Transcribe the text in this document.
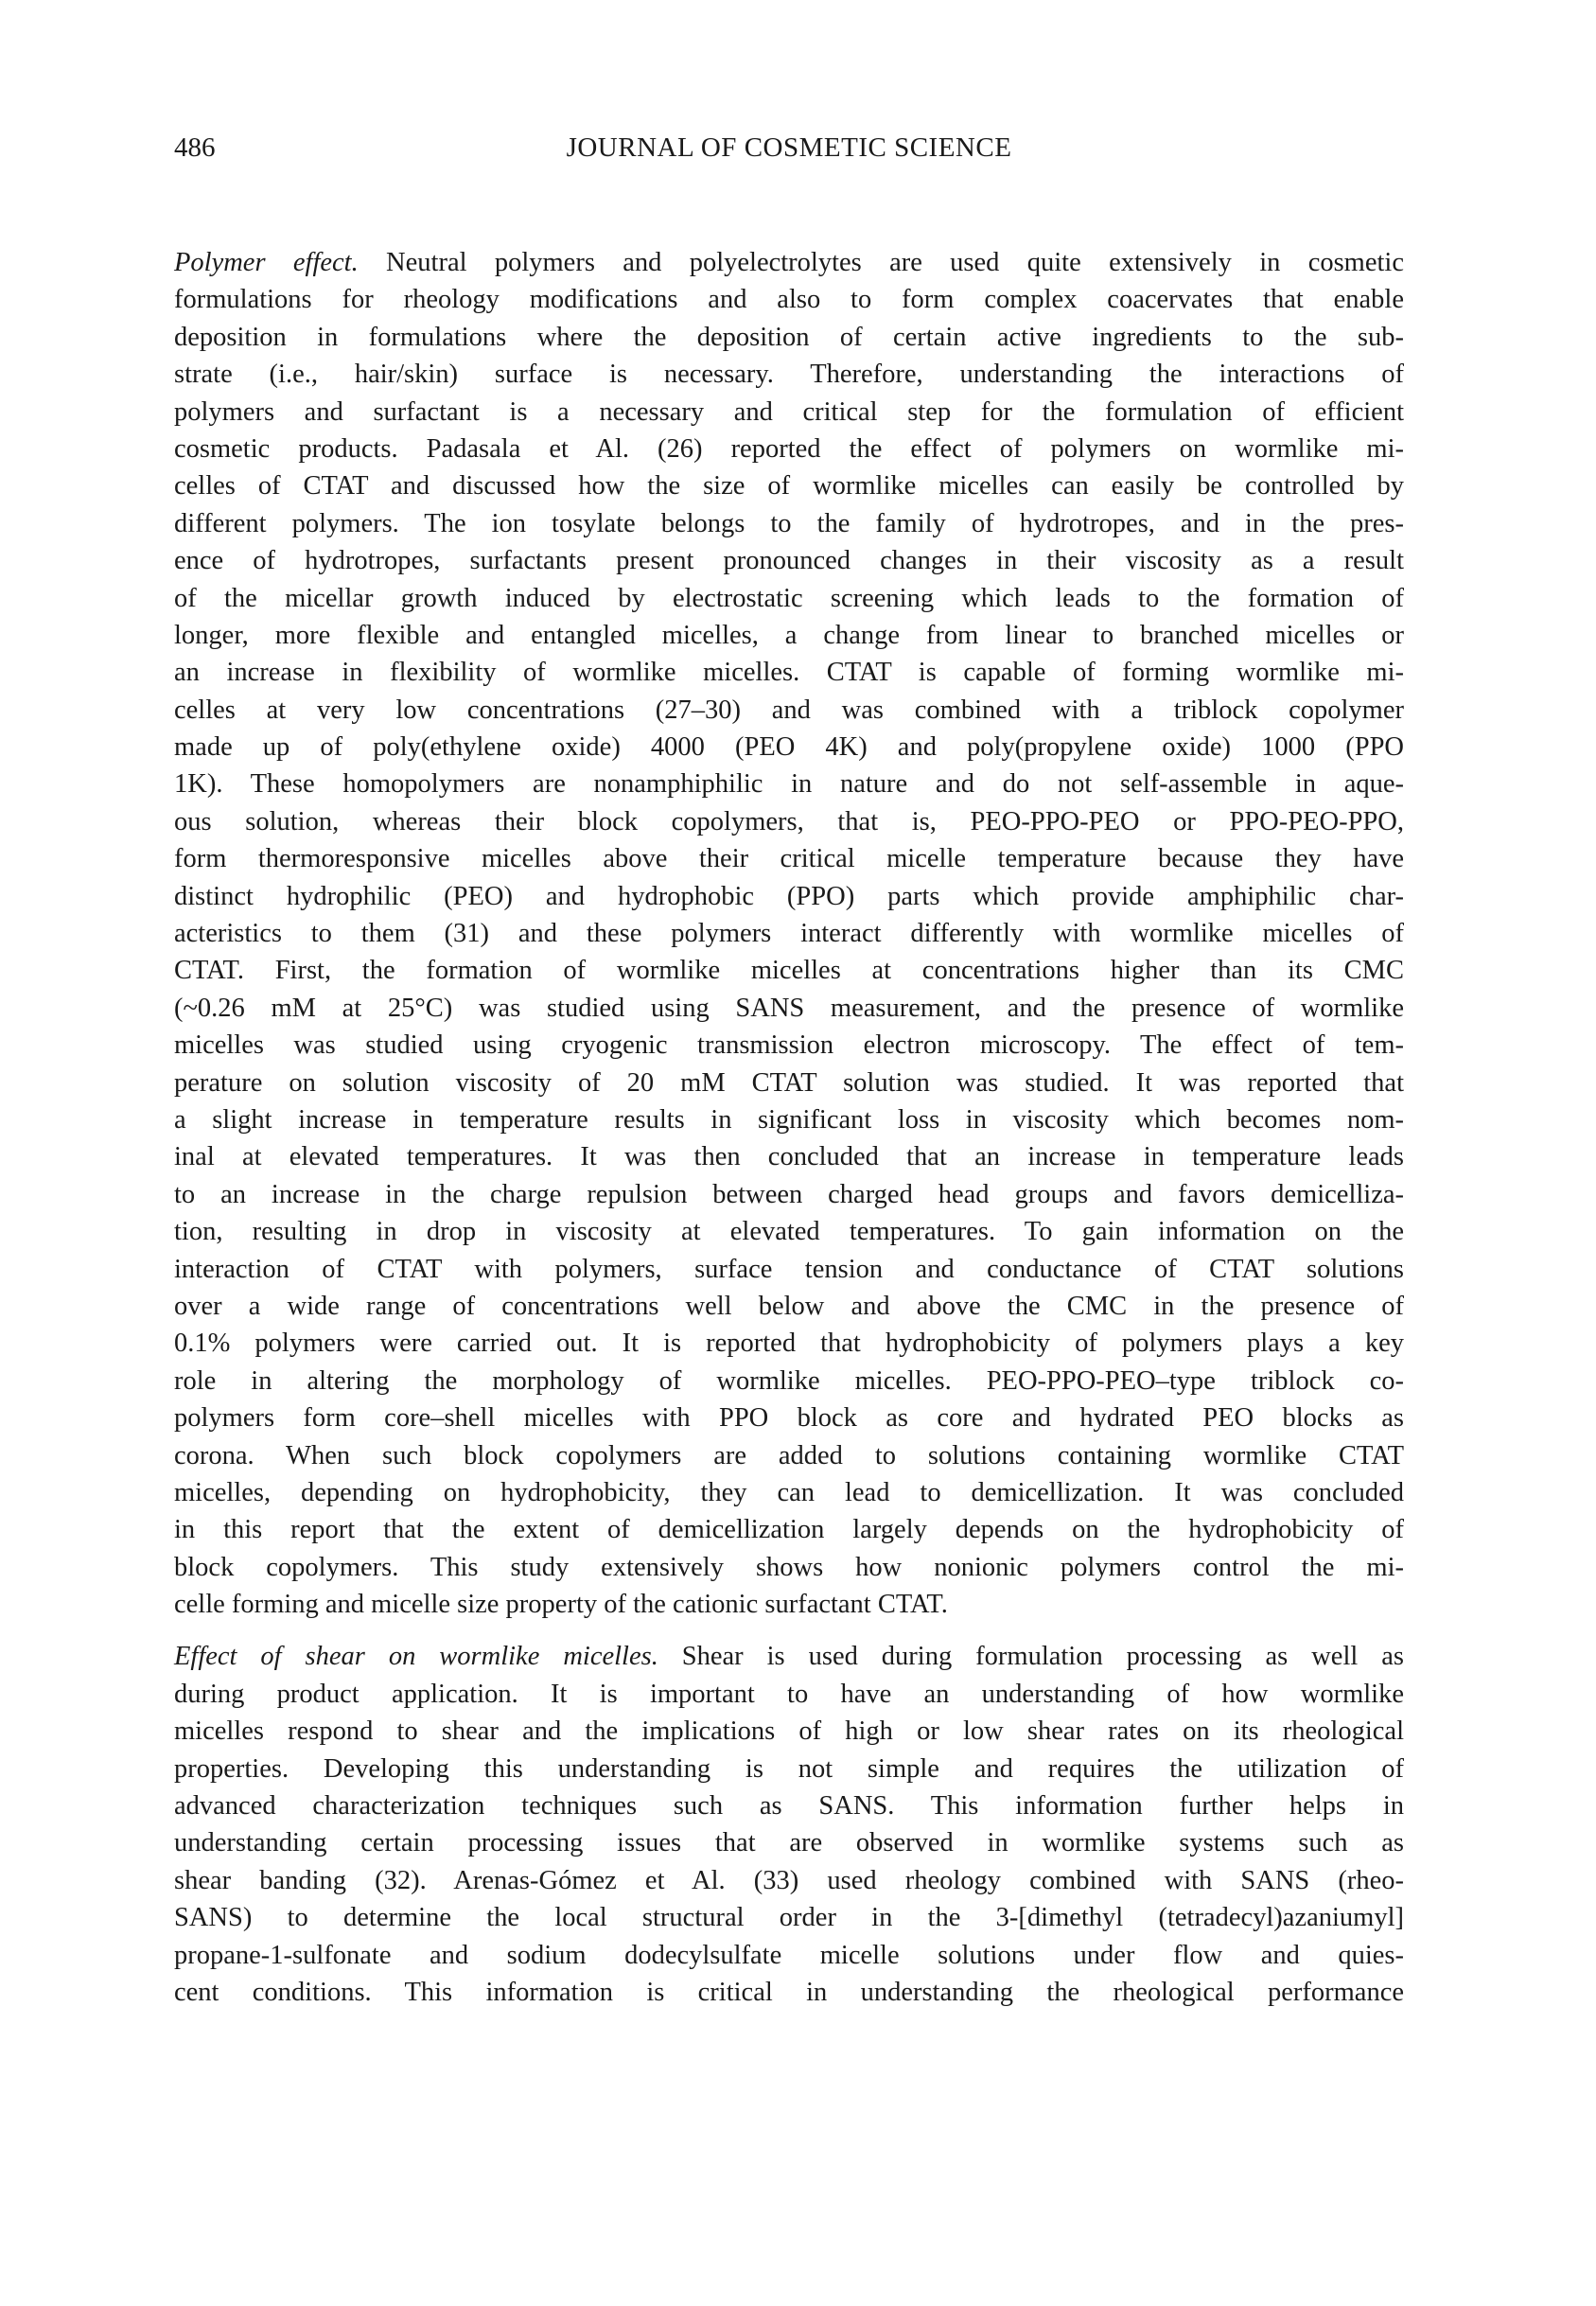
486	JOURNAL OF COSMETIC SCIENCE
Polymer effect. Neutral polymers and polyelectrolytes are used quite extensively in cosmetic
formulations for rheology modifications and also to form complex coacervates that enable
deposition in formulations where the deposition of certain active ingredients to the sub-
strate (i.e., hair/skin) surface is necessary. Therefore, understanding the interactions of
polymers and surfactant is a necessary and critical step for the formulation of efficient
cosmetic products. Padasala et Al. (26) reported the effect of polymers on wormlike mi-
celles of CTAT and discussed how the size of wormlike micelles can easily be controlled by
different polymers. The ion tosylate belongs to the family of hydrotropes, and in the pres-
ence of hydrotropes, surfactants present pronounced changes in their viscosity as a result
of the micellar growth induced by electrostatic screening which leads to the formation of
longer, more flexible and entangled micelles, a change from linear to branched micelles or
an increase in flexibility of wormlike micelles. CTAT is capable of forming wormlike mi-
celles at very low concentrations (27–30) and was combined with a triblock copolymer
made up of poly(ethylene oxide) 4000 (PEO 4K) and poly(propylene oxide) 1000 (PPO
1K). These homopolymers are nonamphiphilic in nature and do not self-assemble in aque-
ous solution, whereas their block copolymers, that is, PEO-PPO-PEO or PPO-PEO-PPO,
form thermoresponsive micelles above their critical micelle temperature because they have
distinct hydrophilic (PEO) and hydrophobic (PPO) parts which provide amphiphilic char-
acteristics to them (31) and these polymers interact differently with wormlike micelles of
CTAT. First, the formation of wormlike micelles at concentrations higher than its CMC
(~0.26 mM at 25°C) was studied using SANS measurement, and the presence of wormlike
micelles was studied using cryogenic transmission electron microscopy. The effect of tem-
perature on solution viscosity of 20 mM CTAT solution was studied. It was reported that
a slight increase in temperature results in significant loss in viscosity which becomes nom-
inal at elevated temperatures. It was then concluded that an increase in temperature leads
to an increase in the charge repulsion between charged head groups and favors demicelliza-
tion, resulting in drop in viscosity at elevated temperatures. To gain information on the
interaction of CTAT with polymers, surface tension and conductance of CTAT solutions
over a wide range of concentrations well below and above the CMC in the presence of
0.1% polymers were carried out. It is reported that hydrophobicity of polymers plays a key
role in altering the morphology of wormlike micelles. PEO-PPO-PEO–type triblock co-
polymers form core–shell micelles with PPO block as core and hydrated PEO blocks as
corona. When such block copolymers are added to solutions containing wormlike CTAT
micelles, depending on hydrophobicity, they can lead to demicellization. It was concluded
in this report that the extent of demicellization largely depends on the hydrophobicity of
block copolymers. This study extensively shows how nonionic polymers control the mi-
celle forming and micelle size property of the cationic surfactant CTAT.
Effect of shear on wormlike micelles. Shear is used during formulation processing as well as
during product application. It is important to have an understanding of how wormlike
micelles respond to shear and the implications of high or low shear rates on its rheological
properties. Developing this understanding is not simple and requires the utilization of
advanced characterization techniques such as SANS. This information further helps in
understanding certain processing issues that are observed in wormlike systems such as
shear banding (32). Arenas-Gómez et Al. (33) used rheology combined with SANS (rheo-
SANS) to determine the local structural order in the 3-[dimethyl (tetradecyl)azaniumyl]
propane-1-sulfonate and sodium dodecylsulfate micelle solutions under flow and quies-
cent conditions. This information is critical in understanding the rheological performance
